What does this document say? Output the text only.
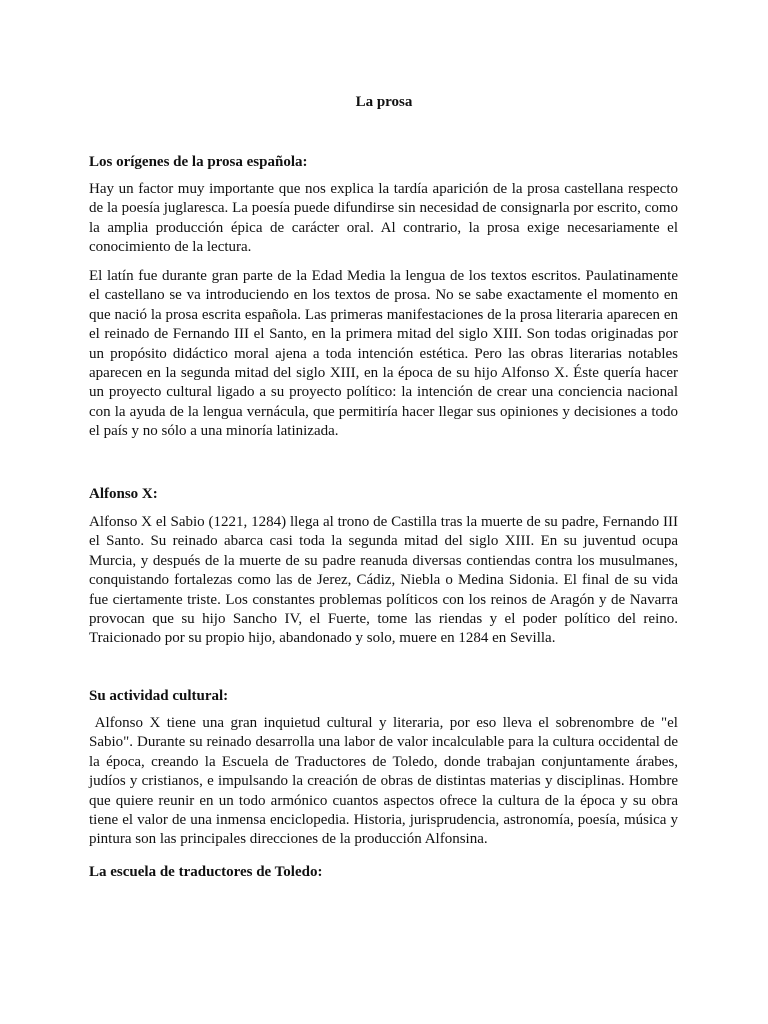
La prosa
Los orígenes de la prosa española:
Hay un factor muy importante que nos explica la tardía aparición de la prosa castellana respecto de la poesía juglaresca. La poesía puede difundirse sin necesidad de consignarla por escrito, como la amplia producción épica de carácter oral. Al contrario, la prosa exige necesariamente el conocimiento de la lectura.
El latín fue durante gran parte de la Edad Media la lengua de los textos escritos. Paulatinamente el castellano se va introduciendo en los textos de prosa. No se sabe exactamente el momento en que nació la prosa escrita española. Las primeras manifestaciones de la prosa literaria aparecen en el reinado de Fernando III el Santo, en la primera mitad del siglo XIII. Son todas originadas por un propósito didáctico moral ajena a toda intención estética. Pero las obras literarias notables aparecen en la segunda mitad del siglo XIII, en la época de su hijo Alfonso X. Éste quería hacer un proyecto cultural ligado a su proyecto político: la intención de crear una conciencia nacional con la ayuda de la lengua vernácula, que permitiría hacer llegar sus opiniones y decisiones a todo el país y no sólo a una minoría latinizada.
Alfonso X:
Alfonso X el Sabio (1221, 1284) llega al trono de Castilla tras la muerte de su padre, Fernando III el Santo. Su reinado abarca casi toda la segunda mitad del siglo XIII. En su juventud ocupa Murcia, y después de la muerte de su padre reanuda diversas contiendas contra los musulmanes, conquistando fortalezas como las de Jerez, Cádiz, Niebla o Medina Sidonia. El final de su vida fue ciertamente triste. Los constantes problemas políticos con los reinos de Aragón y de Navarra provocan que su hijo Sancho IV, el Fuerte, tome las riendas y el poder político del reino. Traicionado por su propio hijo, abandonado y solo, muere en 1284 en Sevilla.
Su actividad cultural:
Alfonso X tiene una gran inquietud cultural y literaria, por eso lleva el sobrenombre de "el Sabio". Durante su reinado desarrolla una labor de valor incalculable para la cultura occidental de la época, creando la Escuela de Traductores de Toledo, donde trabajan conjuntamente árabes, judíos y cristianos, e impulsando la creación de obras de distintas materias y disciplinas. Hombre que quiere reunir en un todo armónico cuantos aspectos ofrece la cultura de la época y su obra tiene el valor de una inmensa enciclopedia. Historia, jurisprudencia, astronomía, poesía, música y pintura son las principales direcciones de la producción Alfonsina.
La escuela de traductores de Toledo:
